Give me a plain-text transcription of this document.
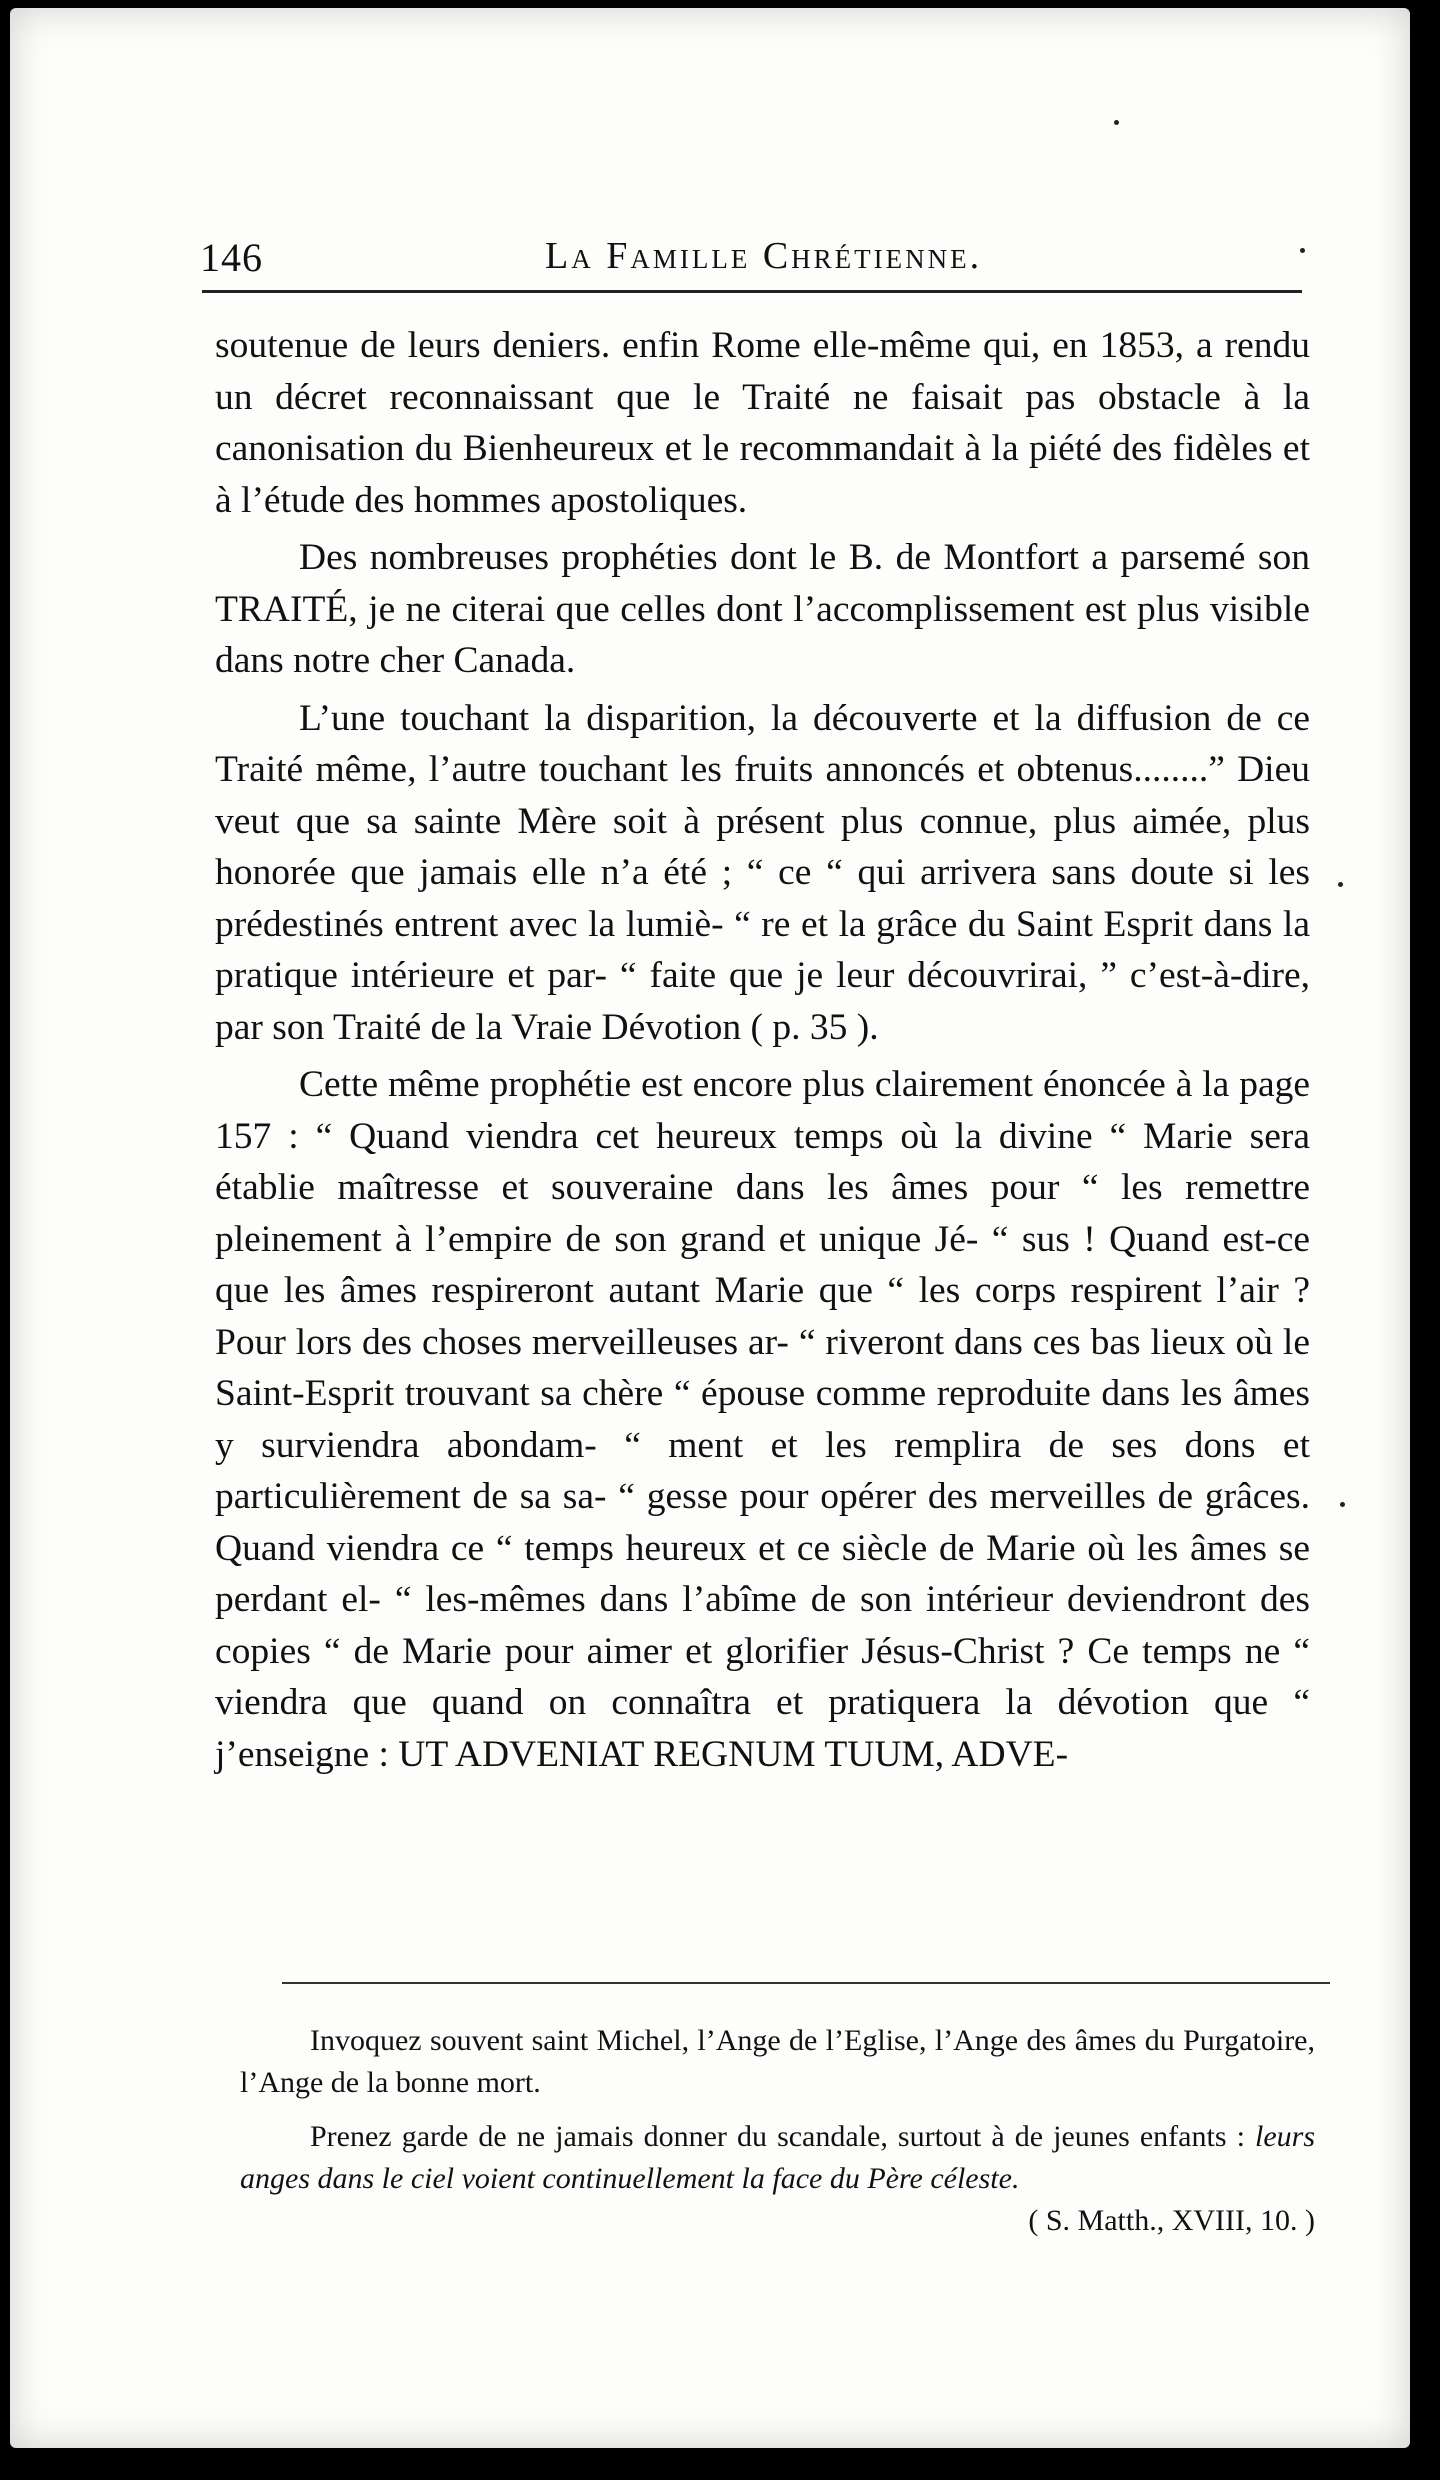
146	La Famille Chrétienne.

soutenue de leurs deniers. enfin Rome elle-même qui, en 1853, a rendu un décret reconnaissant que le Traité ne faisait pas obstacle à la canonisation du Bienheureux et le recommandait à la piété des fidèles et à l’étude des hommes apostoliques.

Des nombreuses prophéties dont le B. de Montfort a parsemé son TRAITÉ, je ne citerai que celles dont l’accomplissement est plus visible dans notre cher Canada.

L’une touchant la disparition, la découverte et la diffusion de ce Traité même, l’autre touchant les fruits annoncés et obtenus........” Dieu veut que sa sainte Mère soit à présent plus connue, plus aimée, plus honorée que jamais elle n’a été ; “ ce “ qui arrivera sans doute si les prédestinés entrent avec la lumiè- “ re et la grâce du Saint Esprit dans la pratique intérieure et par- “ faite que je leur découvrirai, ” c’est-à-dire, par son Traité de la Vraie Dévotion ( p. 35 ).

Cette même prophétie est encore plus clairement énoncée à la page 157 : “ Quand viendra cet heureux temps où la divine “ Marie sera établie maîtresse et souveraine dans les âmes pour “ les remettre pleinement à l’empire de son grand et unique Jé- “ sus ! Quand est-ce que les âmes respireront autant Marie que “ les corps respirent l’air ? Pour lors des choses merveilleuses ar- “ riveront dans ces bas lieux où le Saint-Esprit trouvant sa chère “ épouse comme reproduite dans les âmes y surviendra abondam- “ ment et les remplira de ses dons et particulièrement de sa sa- “ gesse pour opérer des merveilles de grâces. Quand viendra ce “ temps heureux et ce siècle de Marie où les âmes se perdant el- “ les-mêmes dans l’abîme de son intérieur deviendront des copies “ de Marie pour aimer et glorifier Jésus-Christ ? Ce temps ne “ viendra que quand on connaîtra et pratiquera la dévotion que “ j’enseigne : UT ADVENIAT REGNUM TUUM, ADVE-

Invoquez souvent saint Michel, l’Ange de l’Eglise, l’Ange des âmes du Purgatoire, l’Ange de la bonne mort.

Prenez garde de ne jamais donner du scandale, surtout à de jeunes enfants : leurs anges dans le ciel voient continuellement la face du Père céleste.
( S. Matth., XVIII, 10. )
